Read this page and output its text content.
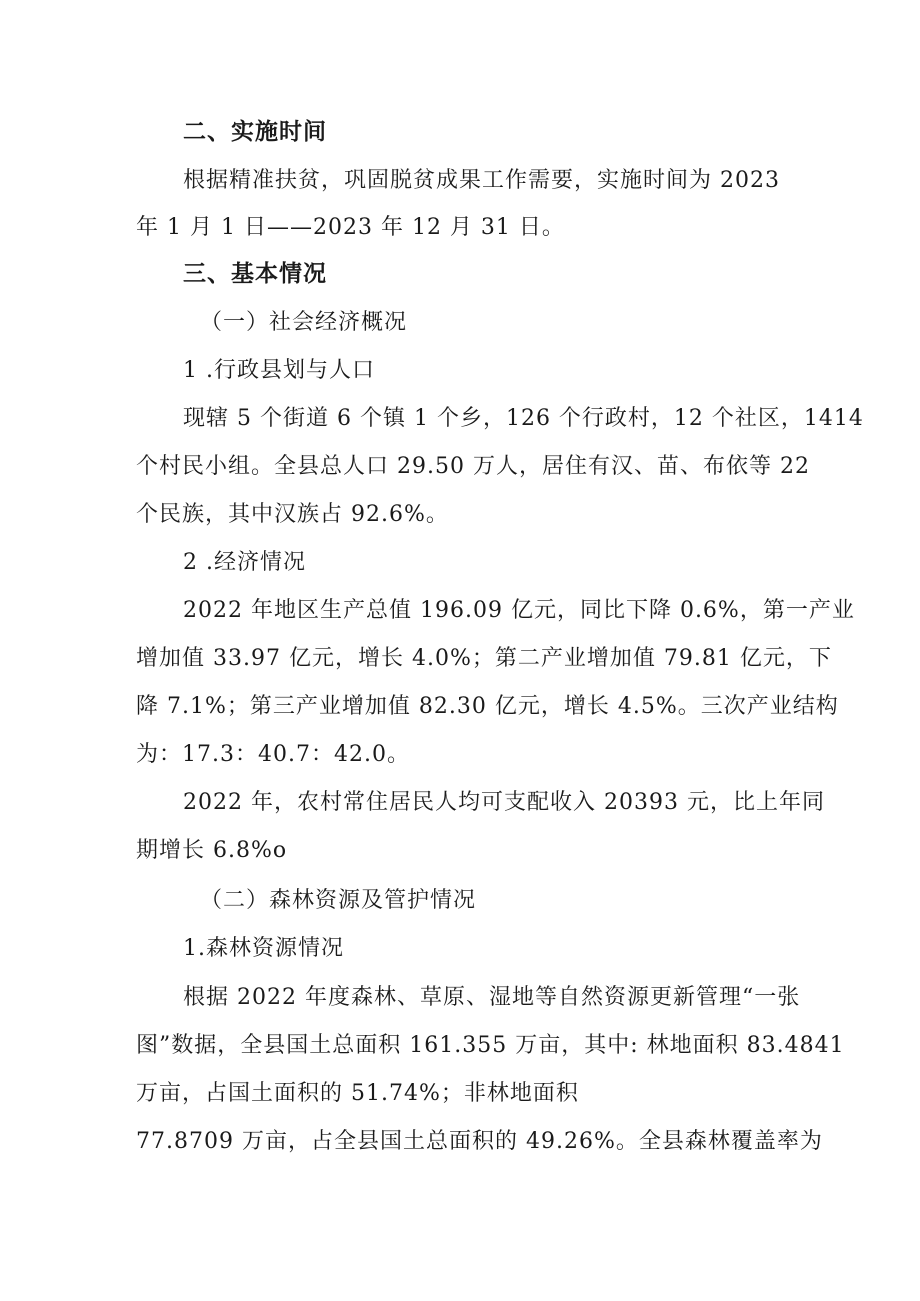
二、实施时间
根据精准扶贫，巩固脱贫成果工作需要，实施时间为 2023
年 1 月 1 日——2023 年 12 月 31 日。
三、基本情况
（一）社会经济概况
1 .行政县划与人口
现辖 5 个街道 6 个镇 1 个乡，126 个行政村，12 个社区，1414
个村民小组。全县总人口 29.50 万人，居住有汉、苗、布依等 22
个民族，其中汉族占 92.6%。
2 .经济情况
2022 年地区生产总值 196.09 亿元，同比下降 0.6%，第一产业
增加值 33.97 亿元，增长 4.0%；第二产业增加值 79.81 亿元，下
降 7.1%；第三产业增加值 82.30 亿元，增长 4.5%。三次产业结构
为：17.3：40.7：42.0。
2022 年，农村常住居民人均可支配收入 20393 元，比上年同
期增长 6.8%o
（二）森林资源及管护情况
1.森林资源情况
根据 2022 年度森林、草原、湿地等自然资源更新管理“一张
图”数据，全县国土总面积 161.355 万亩，其中: 林地面积 83.4841
万亩，占国土面积的 51.74%；非林地面积
77.8709 万亩，占全县国土总面积的 49.26%。全县森林覆盖率为
